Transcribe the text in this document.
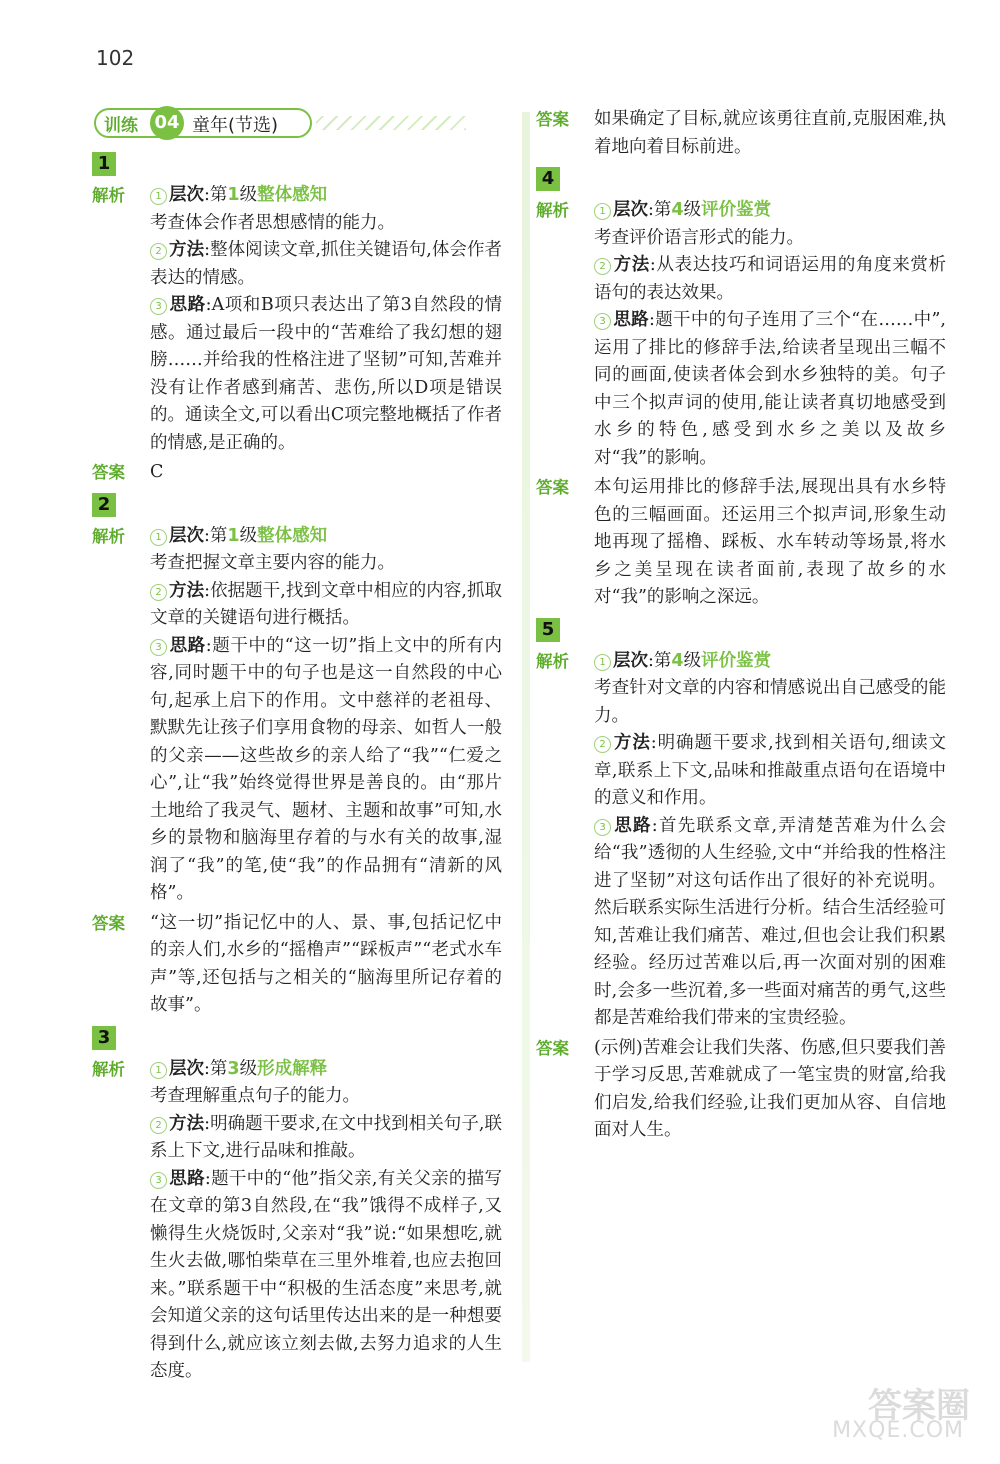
102
训练 04 童年(节选)
1
解析	1 层次:第1级整体感知
考查体会作者思想感情的能力。
2 方法:整体阅读文章,抓住关键语句,体会作者表达的情感。
3 思路:A项和B项只表达出了第3自然段的情感。通过最后一段中的“苦难给了我幻想的翅膀……并给我的性格注进了坚韧”可知,苦难并没有让作者感到痛苦、悲伤,所以D项是错误的。通读全文,可以看出C项完整地概括了作者的情感,是正确的。
答案	C
2
解析	1 层次:第1级整体感知
考查把握文章主要内容的能力。
2 方法:依据题干,找到文章中相应的内容,抓取文章的关键语句进行概括。
3 思路:题干中的“这一切”指上文中的所有内容,同时题干中的句子也是这一自然段的中心句,起承上启下的作用。文中慈祥的老祖母、默默先让孩子们享用食物的母亲、如哲人一般的父亲——这些故乡的亲人给了“我”“仁爱之心”,让“我”始终觉得世界是善良的。由“那片土地给了我灵气、题材、主题和故事”可知,水乡的景物和脑海里存着的与水有关的故事,湿润了“我”的笔,使“我”的作品拥有“清新的风格”。
答案	“这一切”指记忆中的人、景、事,包括记忆中的亲人们,水乡的“摇橹声”“踩板声”“老式水车声”等,还包括与之相关的“脑海里所记存着的故事”。
3
解析	1 层次:第3级形成解释
考查理解重点句子的能力。
2 方法:明确题干要求,在文中找到相关句子,联系上下文,进行品味和推敲。
3 思路:题干中的“他”指父亲,有关父亲的描写在文章的第3自然段,在“我”饿得不成样子,又懒得生火烧饭时,父亲对“我”说:“如果想吃,就生火去做,哪怕柴草在三里外堆着,也应去抱回来。”联系题干中“积极的生活态度”来思考,就会知道父亲的这句话里传达出来的是一种想要得到什么,就应该立刻去做,去努力追求的人生态度。
答案	如果确定了目标,就应该勇往直前,克服困难,执着地向着目标前进。
4
解析	1 层次:第4级评价鉴赏
考查评价语言形式的能力。
2 方法:从表达技巧和词语运用的角度来赏析语句的表达效果。
3 思路:题干中的句子连用了三个“在……中”,运用了排比的修辞手法,给读者呈现出三幅不同的画面,使读者体会到水乡独特的美。句子中三个拟声词的使用,能让读者真切地感受到水乡的特色,感受到水乡之美以及故乡对“我”的影响。
答案	本句运用排比的修辞手法,展现出具有水乡特色的三幅画面。还运用三个拟声词,形象生动地再现了摇橹、踩板、水车转动等场景,将水乡之美呈现在读者面前,表现了故乡的水对“我”的影响之深远。
5
解析	1 层次:第4级评价鉴赏
考查针对文章的内容和情感说出自己感受的能力。
2 方法:明确题干要求,找到相关语句,细读文章,联系上下文,品味和推敲重点语句在语境中的意义和作用。
3 思路:首先联系文章,弄清楚苦难为什么会给“我”透彻的人生经验,文中“并给我的性格注进了坚韧”对这句话作出了很好的补充说明。然后联系实际生活进行分析。结合生活经验可知,苦难让我们痛苦、难过,但也会让我们积累经验。经历过苦难以后,再一次面对别的困难时,会多一些沉着,多一些面对痛苦的勇气,这些都是苦难给我们带来的宝贵经验。
答案	(示例)苦难会让我们失落、伤感,但只要我们善于学习反思,苦难就成了一笔宝贵的财富,给我们启发,给我们经验,让我们更加从容、自信地面对人生。
答案圈
MXQE.COM
